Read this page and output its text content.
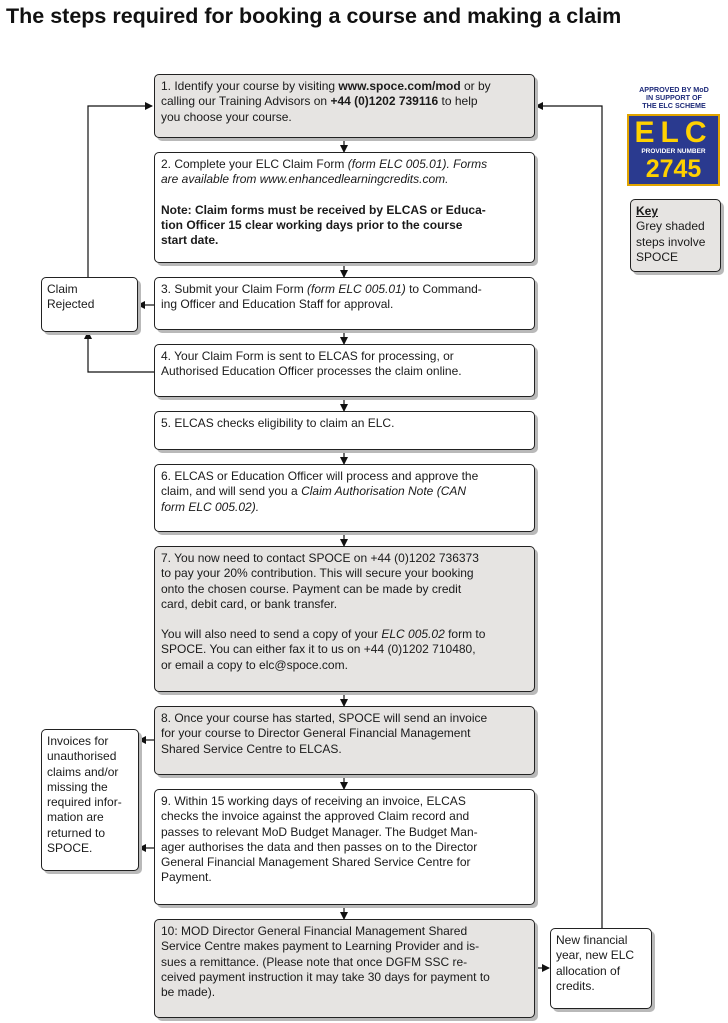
The steps required for booking a course and making a claim

1. Identify your course by visiting www.spoce.com/mod or by

calling our Training Advisors on +44 (0)1202 739116 to help

you choose your course.

2. Complete your ELC Claim Form (form ELC 005.01). Forms

are available from www.enhancedlearningcredits.com.

Note: Claim forms must be received by ELCAS or Educa-

tion Officer 15 clear working days prior to the course

start date.

3. Submit your Claim Form (form ELC 005.01) to Command-

ing Officer and Education Staff for approval.

4. Your Claim Form is sent to ELCAS for processing, or

Authorised Education Officer processes the claim online.

5. ELCAS checks eligibility to claim an ELC.

6. ELCAS or Education Officer will process and approve the

claim, and will send you a Claim Authorisation Note (CAN

form ELC 005.02).

7. You now need to contact SPOCE on +44 (0)1202 736373

to pay your 20% contribution. This will secure your booking

onto the chosen course. Payment can be made by credit

card, debit card, or bank transfer.

You will also need to send a copy of your ELC 005.02 form to

SPOCE. You can either fax it to us on +44 (0)1202 710480,

or email a copy to elc@spoce.com.

8. Once your course has started, SPOCE will send an invoice

for your course to Director General Financial Management

Shared Service Centre to ELCAS.

9. Within 15 working days of receiving an invoice, ELCAS

checks the invoice against the approved Claim record and

passes to relevant MoD Budget Manager. The Budget Man-

ager authorises the data and then passes on to the Director

General Financial Management Shared Service Centre for

Payment.

10: MOD Director General Financial Management Shared

Service Centre makes payment to Learning Provider and is-

sues a remittance. (Please note that once DGFM SSC re-

ceived payment instruction it may take 30 days for payment to

be made).

Claim

Rejected

Invoices for

unauthorised

claims and/or

missing the

required infor-

mation are

returned to

SPOCE.

New financial

year, new ELC

allocation of

credits.

APPROVED BY MoD
IN SUPPORT OF
THE ELC SCHEME
ELC
PROVIDER NUMBER
2745

Key

Grey shaded

steps involve

SPOCE
